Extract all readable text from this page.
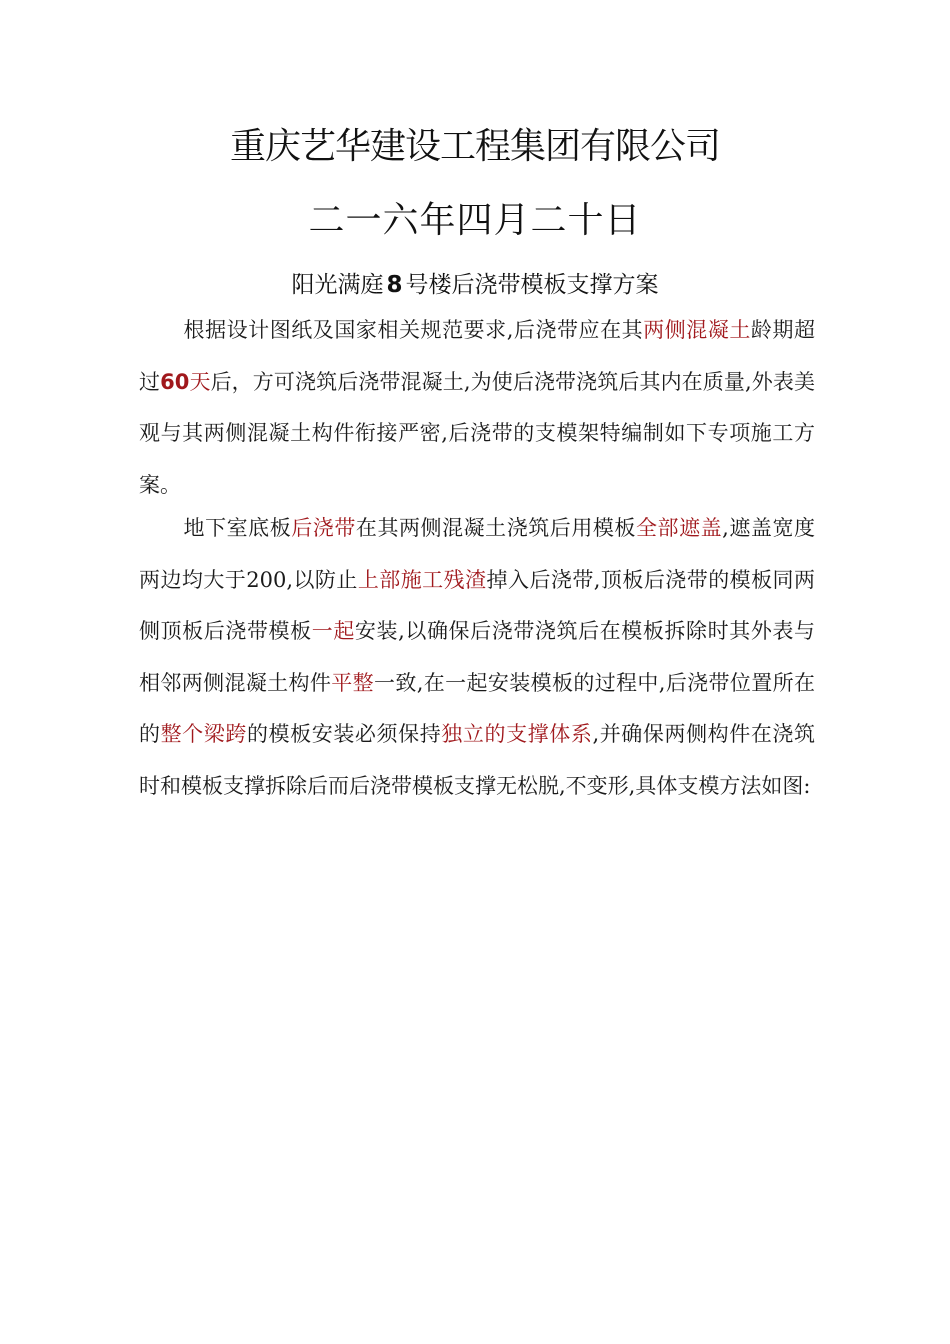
重庆艺华建设工程集团有限公司
二一六年四月二十日
阳光满庭 8 号楼后浇带模板支撑方案

根据设计图纸及国家相关规范要求,后浇带应在其两侧混凝土龄期超过60天后，方可浇筑后浇带混凝土,为使后浇带浇筑后其内在质量,外表美观与其两侧混凝土构件衔接严密,后浇带的支模架特编制如下专项施工方案。

地下室底板后浇带在其两侧混凝土浇筑后用模板全部遮盖,遮盖宽度两边均大于200,以防止上部施工残渣掉入后浇带,顶板后浇带的模板同两侧顶板后浇带模板一起安装,以确保后浇带浇筑后在模板拆除时其外表与相邻两侧混凝土构件平整一致,在一起安装模板的过程中,后浇带位置所在的整个梁跨的模板安装必须保持独立的支撑体系,并确保两侧构件在浇筑时和模板支撑拆除后而后浇带模板支撑无松脱,不变形,具体支模方法如图:
